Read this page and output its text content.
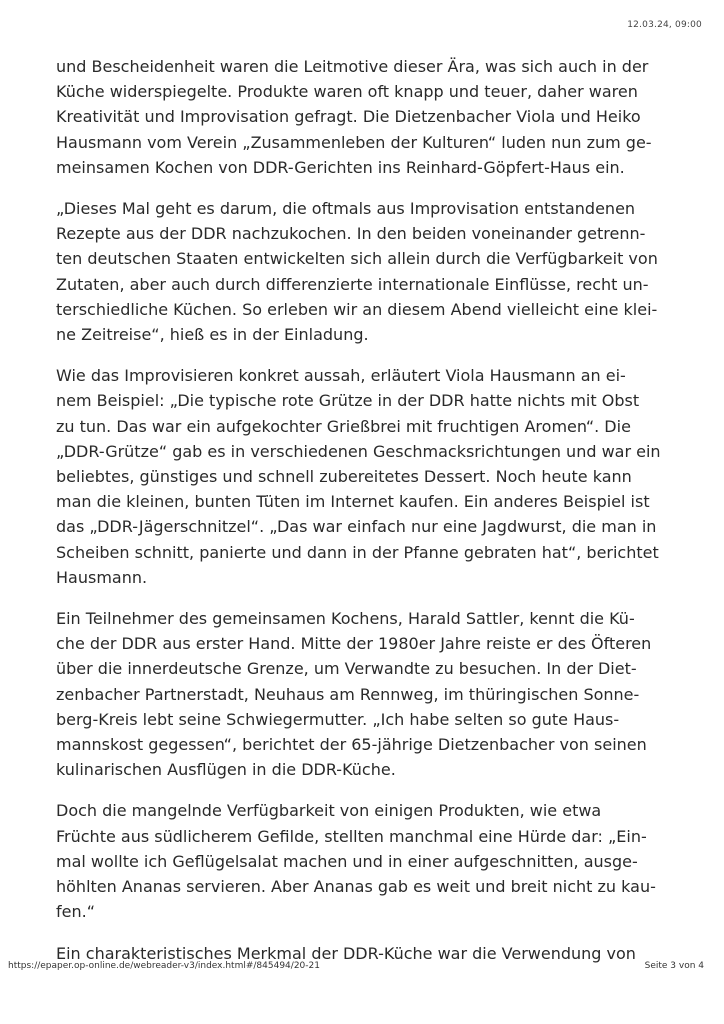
12.03.24, 09:00

und Bescheidenheit waren die Leitmotive dieser Ära, was sich auch in der
Küche widerspiegelte. Produkte waren oft knapp und teuer, daher waren
Kreativität und Improvisation gefragt. Die Dietzenbacher Viola und Heiko
Hausmann vom Verein „Zusammenleben der Kulturen“ luden nun zum ge-
meinsamen Kochen von DDR-Gerichten ins Reinhard-Göpfert-Haus ein.

„Dieses Mal geht es darum, die oftmals aus Improvisation entstandenen
Rezepte aus der DDR nachzukochen. In den beiden voneinander getrenn-
ten deutschen Staaten entwickelten sich allein durch die Verfügbarkeit von
Zutaten, aber auch durch differenzierte internationale Einflüsse, recht un-
terschiedliche Küchen. So erleben wir an diesem Abend vielleicht eine klei-
ne Zeitreise“, hieß es in der Einladung.

Wie das Improvisieren konkret aussah, erläutert Viola Hausmann an ei-
nem Beispiel: „Die typische rote Grütze in der DDR hatte nichts mit Obst
zu tun. Das war ein aufgekochter Grießbrei mit fruchtigen Aromen“. Die
„DDR-Grütze“ gab es in verschiedenen Geschmacksrichtungen und war ein
beliebtes, günstiges und schnell zubereitetes Dessert. Noch heute kann
man die kleinen, bunten Tüten im Internet kaufen. Ein anderes Beispiel ist
das „DDR-Jägerschnitzel“. „Das war einfach nur eine Jagdwurst, die man in
Scheiben schnitt, panierte und dann in der Pfanne gebraten hat“, berichtet
Hausmann.

Ein Teilnehmer des gemeinsamen Kochens, Harald Sattler, kennt die Kü-
che der DDR aus erster Hand. Mitte der 1980er Jahre reiste er des Öfteren
über die innerdeutsche Grenze, um Verwandte zu besuchen. In der Diet-
zenbacher Partnerstadt, Neuhaus am Rennweg, im thüringischen Sonne-
berg-Kreis lebt seine Schwiegermutter. „Ich habe selten so gute Haus-
mannskost gegessen“, berichtet der 65-jährige Dietzenbacher von seinen
kulinarischen Ausflügen in die DDR-Küche.

Doch die mangelnde Verfügbarkeit von einigen Produkten, wie etwa
Früchte aus südlicherem Gefilde, stellten manchmal eine Hürde dar: „Ein-
mal wollte ich Geflügelsalat machen und in einer aufgeschnitten, ausge-
höhlten Ananas servieren. Aber Ananas gab es weit und breit nicht zu kau-
fen.“

Ein charakteristisches Merkmal der DDR-Küche war die Verwendung von

https://epaper.op-online.de/webreader-v3/index.html#/845494/20-21	Seite 3 von 4
